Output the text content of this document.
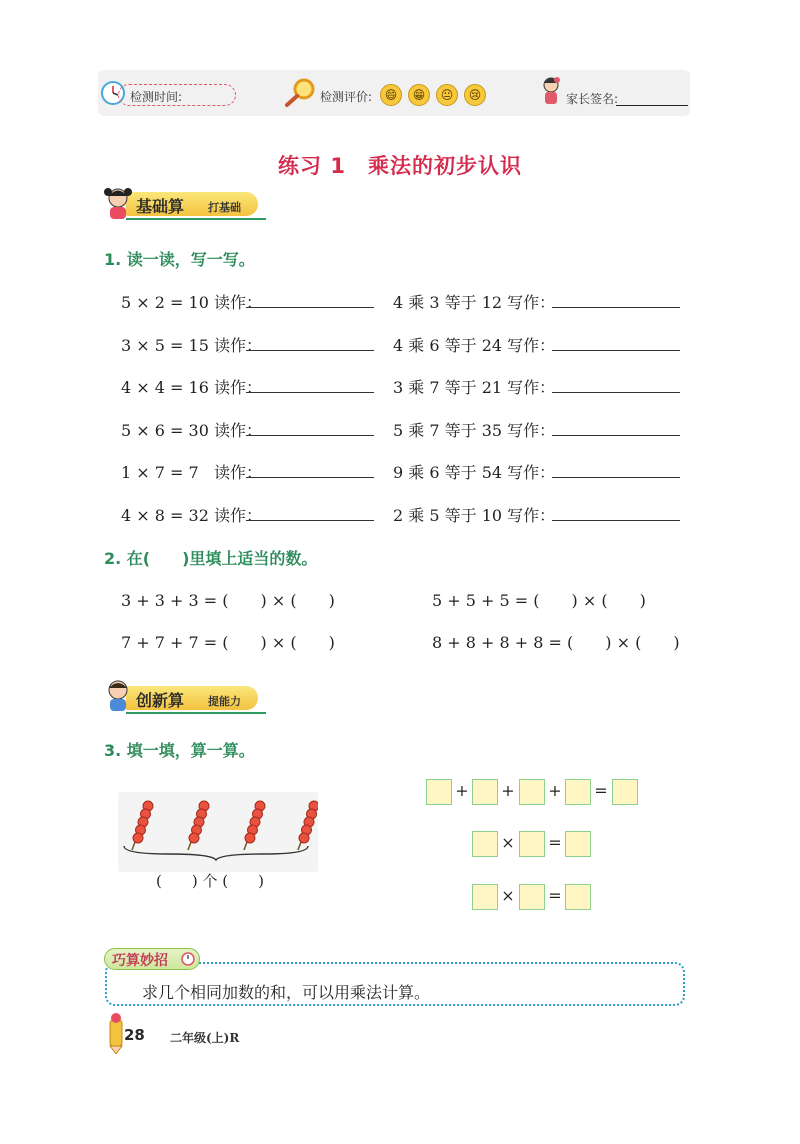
检测时间:	检测评价:	😄	😁	😐	😢	家长签名:
练习 1　乘法的初步认识
基础算 打基础
1. 读一读，写一写。
5 × 2 = 10 读作：	4 乘 3 等于 12 写作：
3 × 5 = 15 读作：	4 乘 6 等于 24 写作：
4 × 4 = 16 读作：	3 乘 7 等于 21 写作：
5 × 6 = 30 读作：	5 乘 7 等于 35 写作：
1 × 7 = 7   读作：	9 乘 6 等于 54 写作：
4 × 8 = 32 读作：	2 乘 5 等于 10 写作：
2. 在(　　)里填上适当的数。
3 + 3 + 3 = (　　) × (　　)	5 + 5 + 5 = (　　) × (　　)
7 + 7 + 7 = (　　) × (　　)	8 + 8 + 8 + 8 = (　　) × (　　)
创新算 提能力
3. 填一填，算一算。
(　　) 个 (　　)
+ + + =
× =
× =
巧算妙招
求几个相同加数的和，可以用乘法计算。
28 二年级(上)R
